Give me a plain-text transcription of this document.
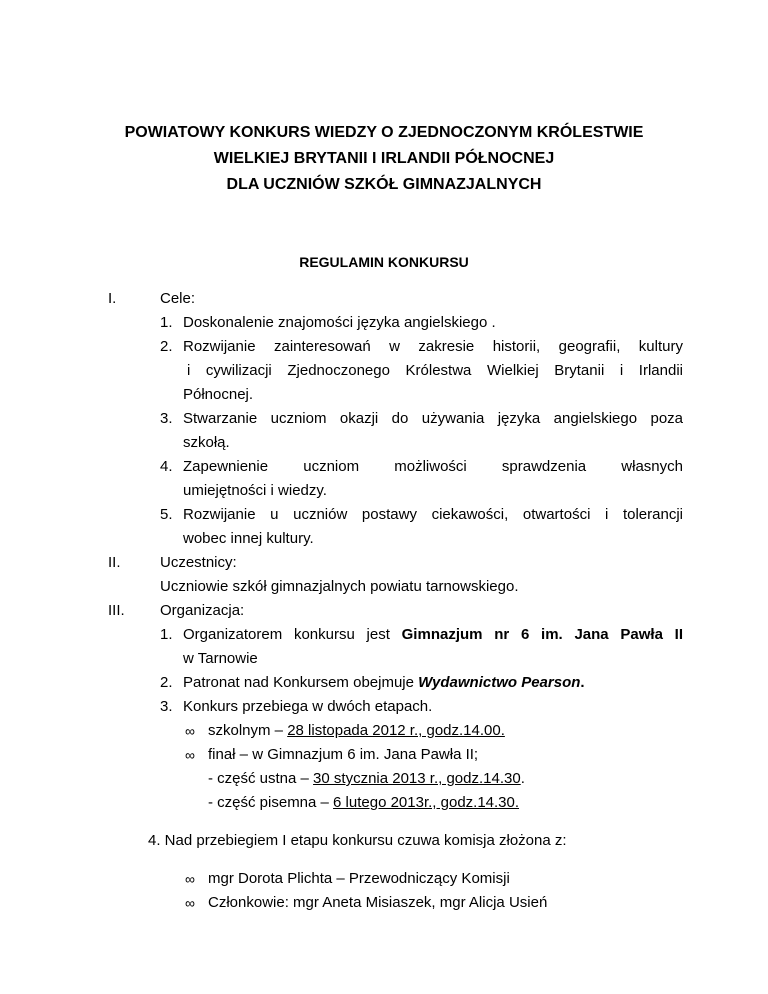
POWIATOWY KONKURS WIEDZY O ZJEDNOCZONYM KRÓLESTWIE
WIELKIEJ BRYTANII I IRLANDII PÓŁNOCNEJ
DLA UCZNIÓW SZKÓŁ GIMNAZJALNYCH
REGULAMIN KONKURSU
I.	Cele:
1. Doskonalenie znajomości języka angielskiego .
2. Rozwijanie zainteresowań w zakresie historii, geografii, kultury
i cywilizacji Zjednoczonego Królestwa Wielkiej Brytanii i Irlandii
Północnej.
3. Stwarzanie uczniom okazji do używania języka angielskiego poza
szkołą.
4. Zapewnienie uczniom możliwości sprawdzenia własnych
umiejętności i wiedzy.
5. Rozwijanie u uczniów postawy ciekawości, otwartości i tolerancji
wobec innej kultury.
II.	Uczestnicy:
Uczniowie szkół gimnazjalnych powiatu tarnowskiego.
III. Organizacja:
1. Organizatorem konkursu jest Gimnazjum nr 6 im. Jana Pawła II
w Tarnowie
2. Patronat nad Konkursem obejmuje Wydawnictwo Pearson.
3. Konkurs przebiega w dwóch etapach.
∞ szkolnym – 28 listopada 2012 r., godz.14.00.
∞ finał – w Gimnazjum 6 im. Jana Pawła II;
- część ustna – 30 stycznia 2013 r., godz.14.30.
- część pisemna – 6 lutego 2013r., godz.14.30.
4. Nad przebiegiem I etapu konkursu czuwa komisja złożona z:
∞ mgr Dorota Plichta – Przewodniczący Komisji
∞ Członkowie: mgr Aneta Misiaszek, mgr Alicja Usień
